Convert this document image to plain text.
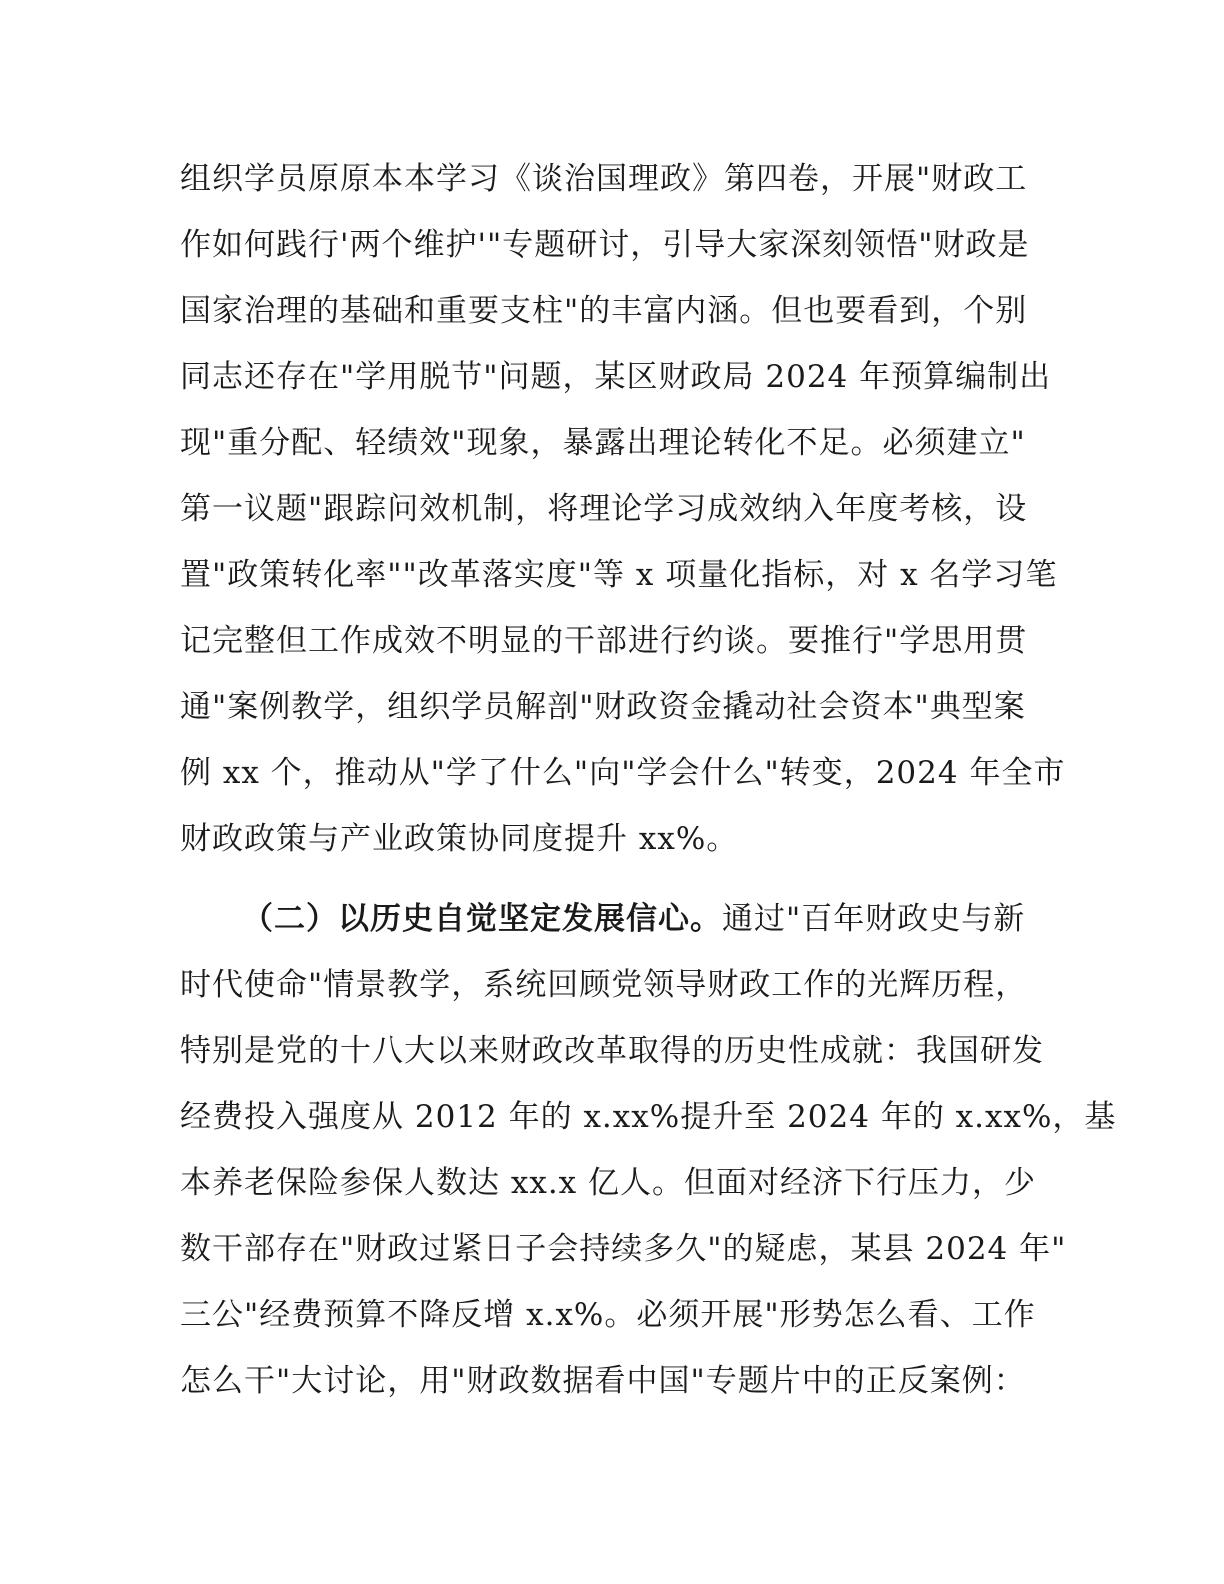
组织学员原原本本学习《谈治国理政》第四卷，开展"财政工
作如何践行'两个维护'"专题研讨，引导大家深刻领悟"财政是
国家治理的基础和重要支柱"的丰富内涵。但也要看到，个别
同志还存在"学用脱节"问题，某区财政局 2024 年预算编制出
现"重分配、轻绩效"现象，暴露出理论转化不足。必须建立"
第一议题"跟踪问效机制，将理论学习成效纳入年度考核，设
置"政策转化率""改革落实度"等 x 项量化指标，对 x 名学习笔
记完整但工作成效不明显的干部进行约谈。要推行"学思用贯
通"案例教学，组织学员解剖"财政资金撬动社会资本"典型案
例 xx 个，推动从"学了什么"向"学会什么"转变，2024 年全市
财政政策与产业政策协同度提升 xx%。
（二）以历史自觉坚定发展信心。通过"百年财政史与新
时代使命"情景教学，系统回顾党领导财政工作的光辉历程，
特别是党的十八大以来财政改革取得的历史性成就：我国研发
经费投入强度从 2012 年的 x.xx%提升至 2024 年的 x.xx%，基
本养老保险参保人数达 xx.x 亿人。但面对经济下行压力，少
数干部存在"财政过紧日子会持续多久"的疑虑，某县 2024 年"
三公"经费预算不降反增 x.x%。必须开展"形势怎么看、工作
怎么干"大讨论，用"财政数据看中国"专题片中的正反案例：
